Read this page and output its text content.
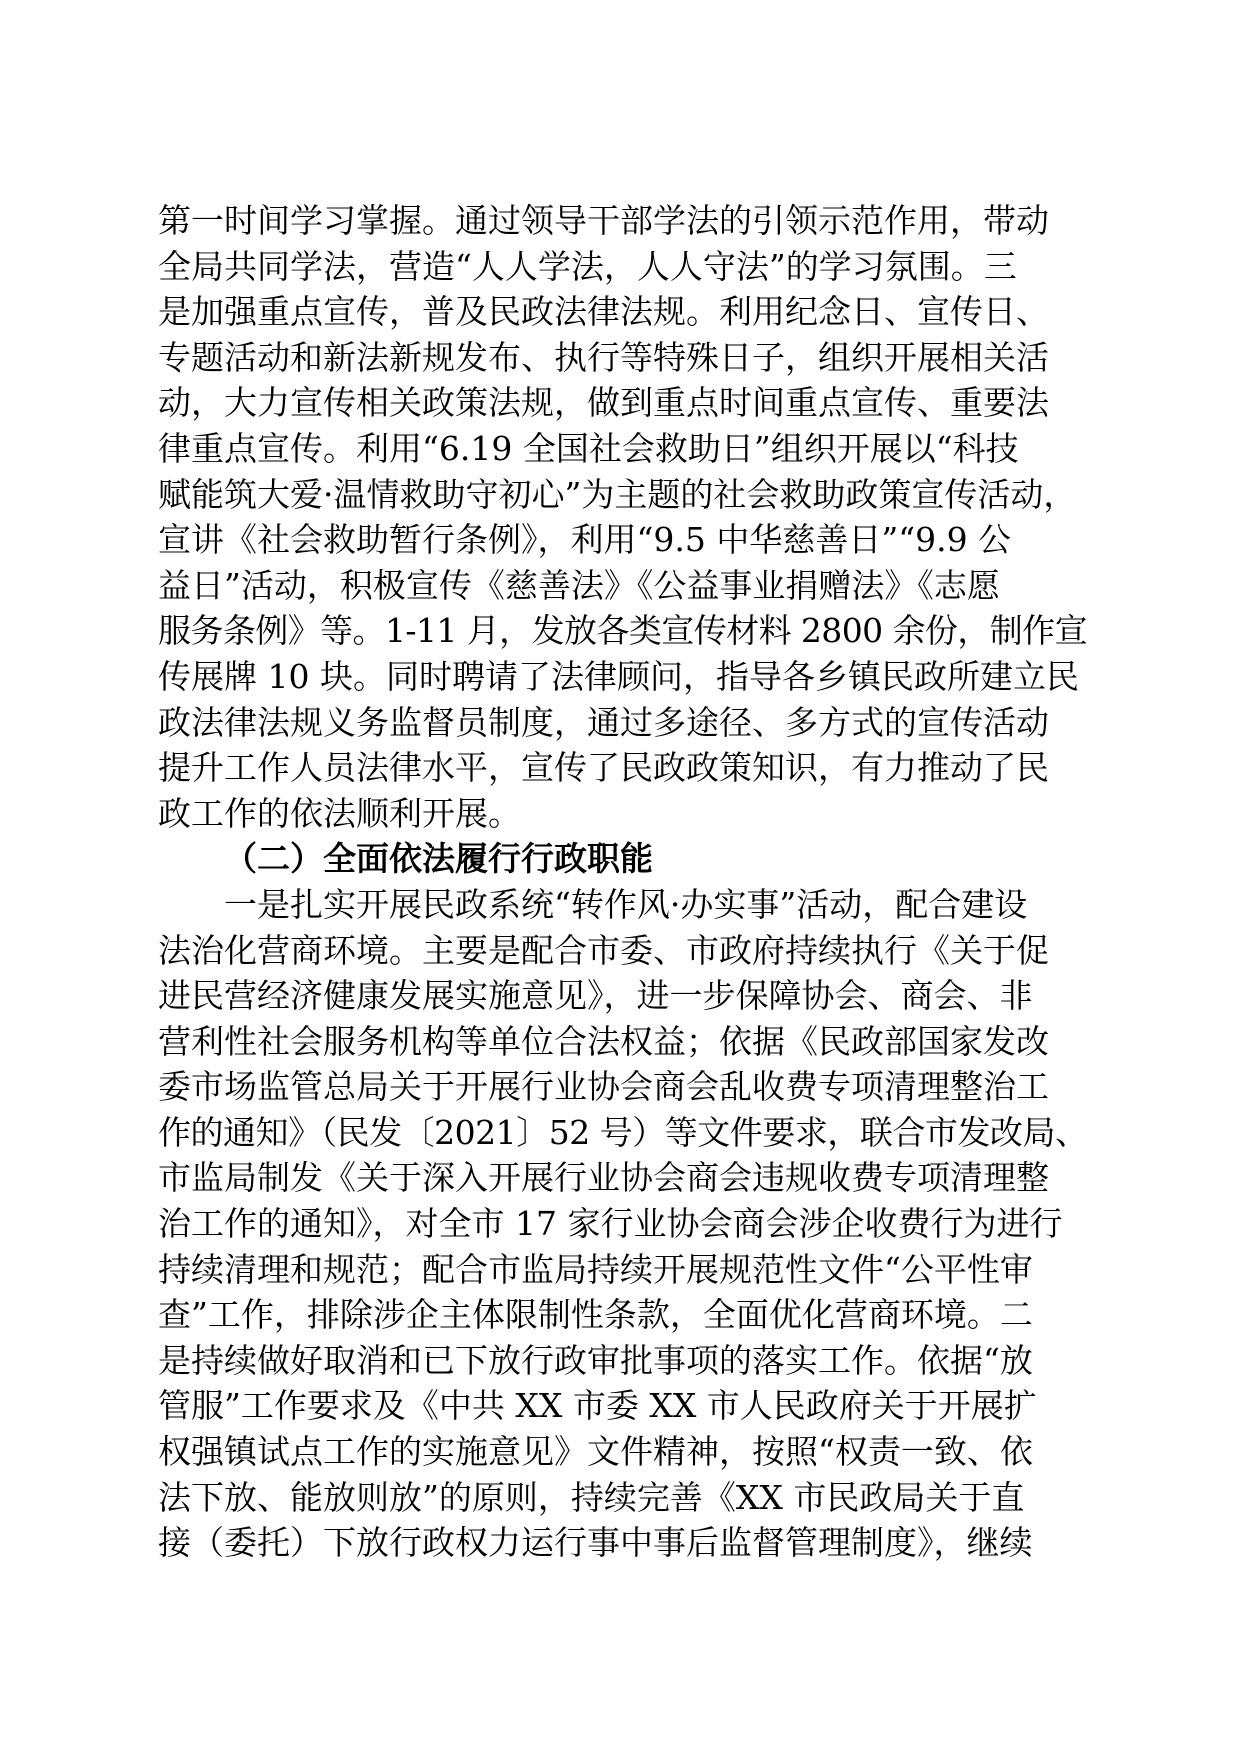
第一时间学习掌握。通过领导干部学法的引领示范作用，带动
全局共同学法，营造“人人学法，人人守法”的学习氛围。三
是加强重点宣传，普及民政法律法规。利用纪念日、宣传日、
专题活动和新法新规发布、执行等特殊日子，组织开展相关活
动，大力宣传相关政策法规，做到重点时间重点宣传、重要法
律重点宣传。利用“6.19 全国社会救助日”组织开展以“科技
赋能筑大爱·温情救助守初心”为主题的社会救助政策宣传活动，
宣讲《社会救助暂行条例》，利用“9.5 中华慈善日”“9.9 公
益日”活动，积极宣传《慈善法》《公益事业捐赠法》《志愿
服务条例》等。1-11 月，发放各类宣传材料 2800 余份，制作宣
传展牌 10 块。同时聘请了法律顾问，指导各乡镇民政所建立民
政法律法规义务监督员制度，通过多途径、多方式的宣传活动
提升工作人员法律水平，宣传了民政政策知识，有力推动了民
政工作的依法顺利开展。
（二）全面依法履行行政职能
一是扎实开展民政系统“转作风·办实事”活动，配合建设
法治化营商环境。主要是配合市委、市政府持续执行《关于促
进民营经济健康发展实施意见》，进一步保障协会、商会、非
营利性社会服务机构等单位合法权益；依据《民政部国家发改
委市场监管总局关于开展行业协会商会乱收费专项清理整治工
作的通知》（民发〔2021〕52 号）等文件要求，联合市发改局、
市监局制发《关于深入开展行业协会商会违规收费专项清理整
治工作的通知》，对全市 17 家行业协会商会涉企收费行为进行
持续清理和规范；配合市监局持续开展规范性文件“公平性审
查”工作，排除涉企主体限制性条款，全面优化营商环境。二
是持续做好取消和已下放行政审批事项的落实工作。依据“放
管服”工作要求及《中共 XX 市委 XX 市人民政府关于开展扩
权强镇试点工作的实施意见》文件精神，按照“权责一致、依
法下放、能放则放”的原则，持续完善《XX 市民政局关于直
接（委托）下放行政权力运行事中事后监督管理制度》，继续
